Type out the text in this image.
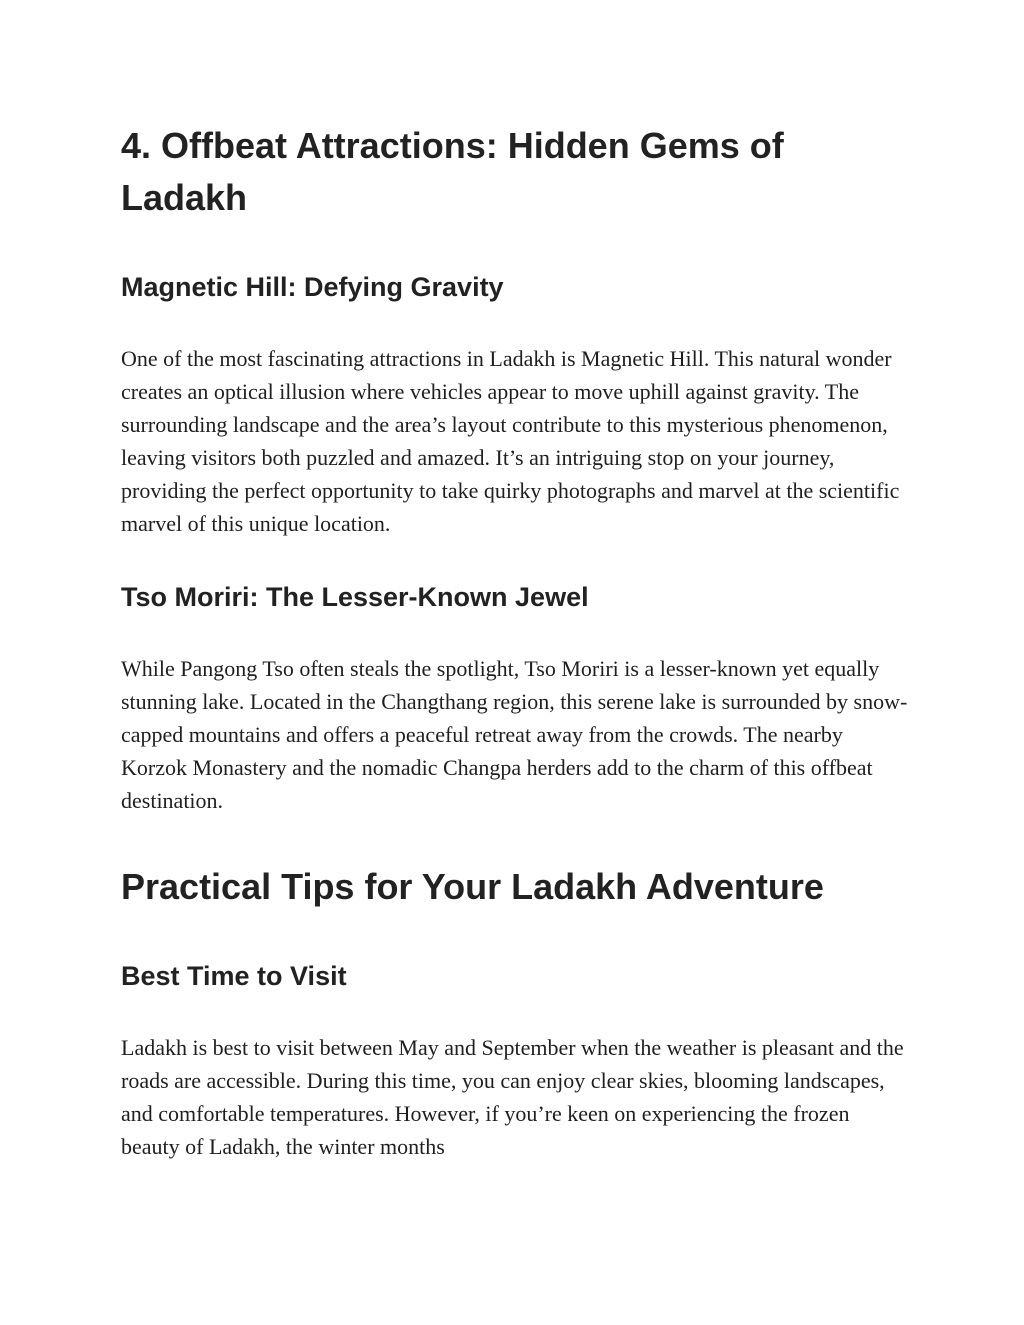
4. Offbeat Attractions: Hidden Gems of Ladakh
Magnetic Hill: Defying Gravity

One of the most fascinating attractions in Ladakh is Magnetic Hill. This natural wonder creates an optical illusion where vehicles appear to move uphill against gravity. The surrounding landscape and the area’s layout contribute to this mysterious phenomenon, leaving visitors both puzzled and amazed. It’s an intriguing stop on your journey, providing the perfect opportunity to take quirky photographs and marvel at the scientific marvel of this unique location.

Tso Moriri: The Lesser-Known Jewel

While Pangong Tso often steals the spotlight, Tso Moriri is a lesser-known yet equally stunning lake. Located in the Changthang region, this serene lake is surrounded by snow-capped mountains and offers a peaceful retreat away from the crowds. The nearby Korzok Monastery and the nomadic Changpa herders add to the charm of this offbeat destination.

Practical Tips for Your Ladakh Adventure
Best Time to Visit

Ladakh is best to visit between May and September when the weather is pleasant and the roads are accessible. During this time, you can enjoy clear skies, blooming landscapes, and comfortable temperatures. However, if you’re keen on experiencing the frozen beauty of Ladakh, the winter months
